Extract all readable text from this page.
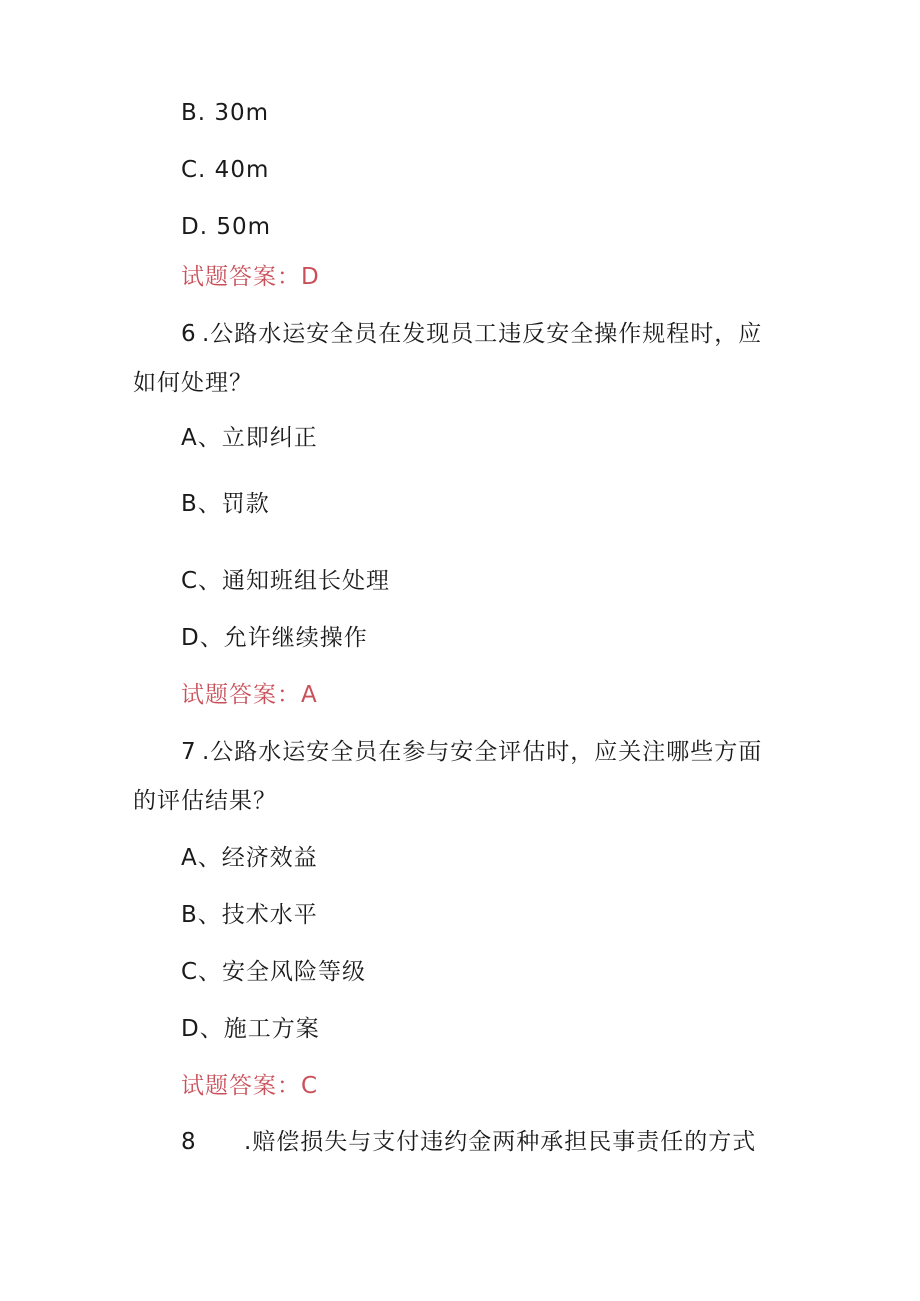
B. 30m
C. 40m
D. 50m
试题答案：D
6 .公路水运安全员在发现员工违反安全操作规程时，应
如何处理？
A、立即纠正
B、罚款
C、通知班组长处理
D、允许继续操作
试题答案：A
7 .公路水运安全员在参与安全评估时，应关注哪些方面
的评估结果？
A、经济效益
B、技术水平
C、安全风险等级
D、施工方案
试题答案：C
8 .赔偿损失与支付违约金两种承担民事责任的方式
